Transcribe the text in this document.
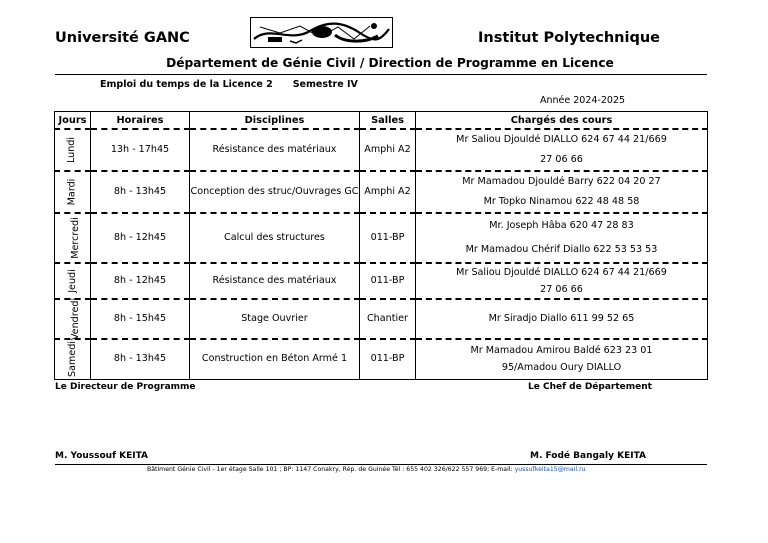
Université GANC	Institut Polytechnique
Département de Génie Civil / Direction de Programme en Licence
Emploi du temps de la Licence 2 Semestre IV
Année 2024-2025
Jours	Horaires	Disciplines	Salles	Chargés des cours
Lundi	13h - 17h45	Résistance des matériaux	Amphi A2	Mr Saliou Djouldé DIALLO 624 67 44 21/669
27 06 66

Mardi	8h - 13h45	Conception des struc/Ouvrages GC	Amphi A2	Mr Mamadou Djouldé Barry 622 04 20 27
Mr Topko Ninamou 622 48 48 58

Mercredi	8h - 12h45	Calcul des structures	011-BP	Mr. Joseph Hâba 620 47 28 83
Mr Mamadou Chérif Diallo 622 53 53 53

Jeudi	8h - 12h45	Résistance des matériaux	011-BP	Mr Saliou Djouldé DIALLO 624 67 44 21/669
27 06 66

Vendredi	8h - 15h45	Stage Ouvrier	Chantier	Mr Siradjo Diallo 611 99 52 65

Samedi	8h - 13h45	Construction en Béton Armé 1	011-BP	Mr Mamadou Amirou Baldé 623 23 01
95/Amadou Oury DIALLO
Le Directeur de Programme	Le Chef de Département
M. Youssouf KEITA	M. Fodé Bangaly KEITA
Bâtiment Génie Civil - 1er étage Salle 101 ; BP: 1147 Conakry, Rép. de Guinée Tél : 655 402 326/622 557 969; E-mail: yussufkeita15@mail.ru
